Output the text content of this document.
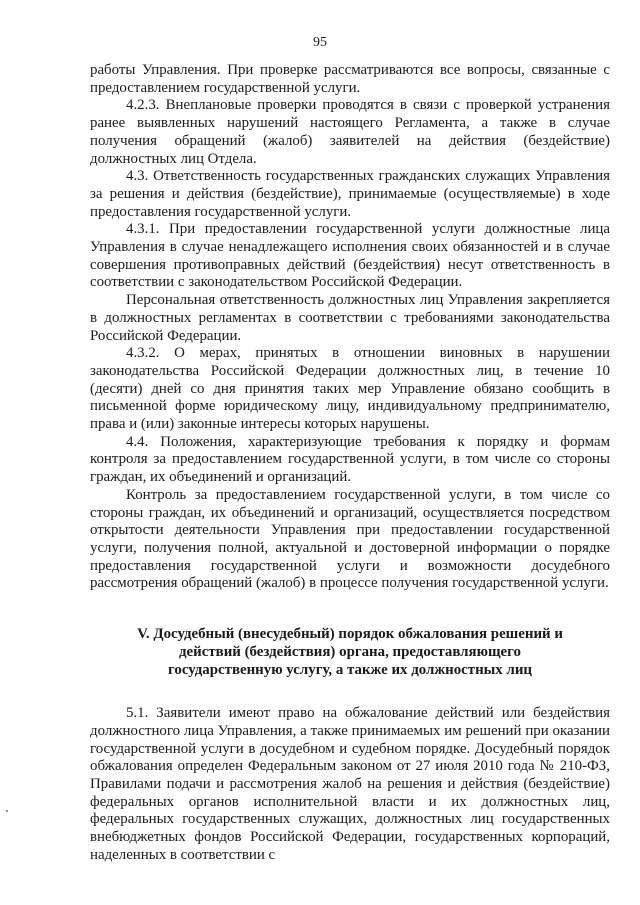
95

работы Управления. При проверке рассматриваются все вопросы, связанные с предоставлением государственной услуги.

4.2.3. Внеплановые проверки проводятся в связи с проверкой устранения ранее выявленных нарушений настоящего Регламента, а также в случае получения обращений (жалоб) заявителей на действия (бездействие) должностных лиц Отдела.

4.3. Ответственность государственных гражданских служащих Управления за решения и действия (бездействие), принимаемые (осуществляемые) в ходе предоставления государственной услуги.

4.3.1. При предоставлении государственной услуги должностные лица Управления в случае ненадлежащего исполнения своих обязанностей и в случае совершения противоправных действий (бездействия) несут ответственность в соответствии с законодательством Российской Федерации.

Персональная ответственность должностных лиц Управления закрепляется в должностных регламентах в соответствии с требованиями законодательства Российской Федерации.

4.3.2. О мерах, принятых в отношении виновных в нарушении законодательства Российской Федерации должностных лиц, в течение 10 (десяти) дней со дня принятия таких мер Управление обязано сообщить в письменной форме юридическому лицу, индивидуальному предпринимателю, права и (или) законные интересы которых нарушены.

4.4. Положения, характеризующие требования к порядку и формам контроля за предоставлением государственной услуги, в том числе со стороны граждан, их объединений и организаций.

Контроль за предоставлением государственной услуги, в том числе со стороны граждан, их объединений и организаций, осуществляется посредством открытости деятельности Управления при предоставлении государственной услуги, получения полной, актуальной и достоверной информации о порядке предоставления государственной услуги и возможности досудебного рассмотрения обращений (жалоб) в процессе получения государственной услуги.

V. Досудебный (внесудебный) порядок обжалования решений и действий (бездействия) органа, предоставляющего государственную услугу, а также их должностных лиц

5.1. Заявители имеют право на обжалование действий или бездействия должностного лица Управления, а также принимаемых им решений при оказании государственной услуги в досудебном и судебном порядке. Досудебный порядок обжалования определен Федеральным законом от 27 июля 2010 года № 210-ФЗ, Правилами подачи и рассмотрения жалоб на решения и действия (бездействие) федеральных органов исполнительной власти и их должностных лиц, федеральных государственных служащих, должностных лиц государственных внебюджетных фондов Российской Федерации, государственных корпораций, наделенных в соответствии с
